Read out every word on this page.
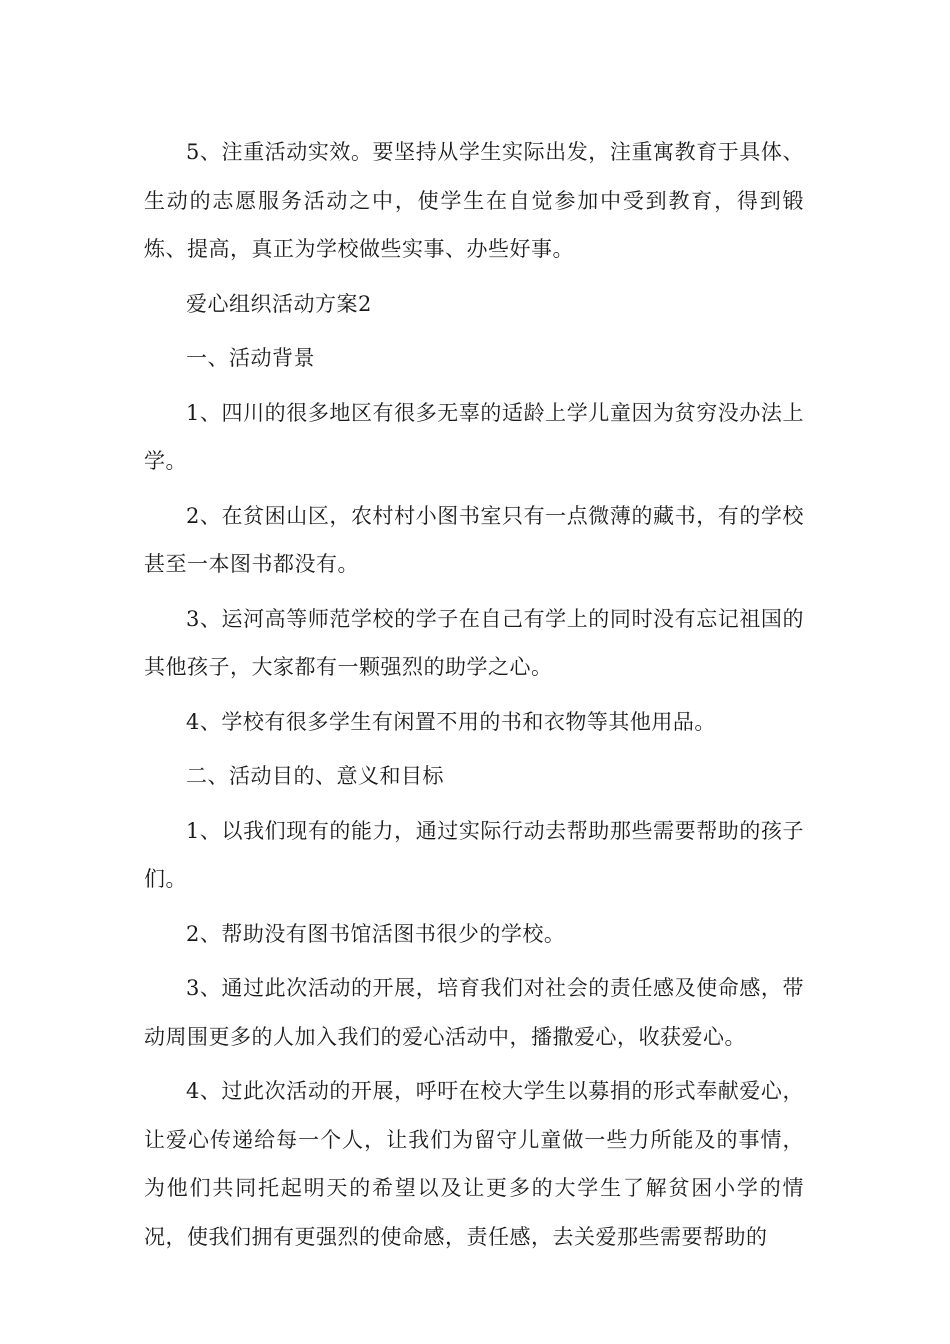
5、注重活动实效。要坚持从学生实际出发，注重寓教育于具体、生动的志愿服务活动之中，使学生在自觉参加中受到教育，得到锻炼、提高，真正为学校做些实事、办些好事。

爱心组织活动方案2

一、活动背景

1、四川的很多地区有很多无辜的适龄上学儿童因为贫穷没办法上学。

2、在贫困山区，农村村小图书室只有一点微薄的藏书，有的学校甚至一本图书都没有。

3、运河高等师范学校的学子在自己有学上的同时没有忘记祖国的其他孩子，大家都有一颗强烈的助学之心。

4、学校有很多学生有闲置不用的书和衣物等其他用品。

二、活动目的、意义和目标

1、以我们现有的能力，通过实际行动去帮助那些需要帮助的孩子们。

2、帮助没有图书馆活图书很少的学校。

3、通过此次活动的开展，培育我们对社会的责任感及使命感，带动周围更多的人加入我们的爱心活动中，播撒爱心，收获爱心。

4、过此次活动的开展，呼吁在校大学生以募捐的形式奉献爱心，让爱心传递给每一个人，让我们为留守儿童做一些力所能及的事情，为他们共同托起明天的希望以及让更多的大学生了解贫困小学的情况，使我们拥有更强烈的使命感，责任感，去关爱那些需要帮助的
